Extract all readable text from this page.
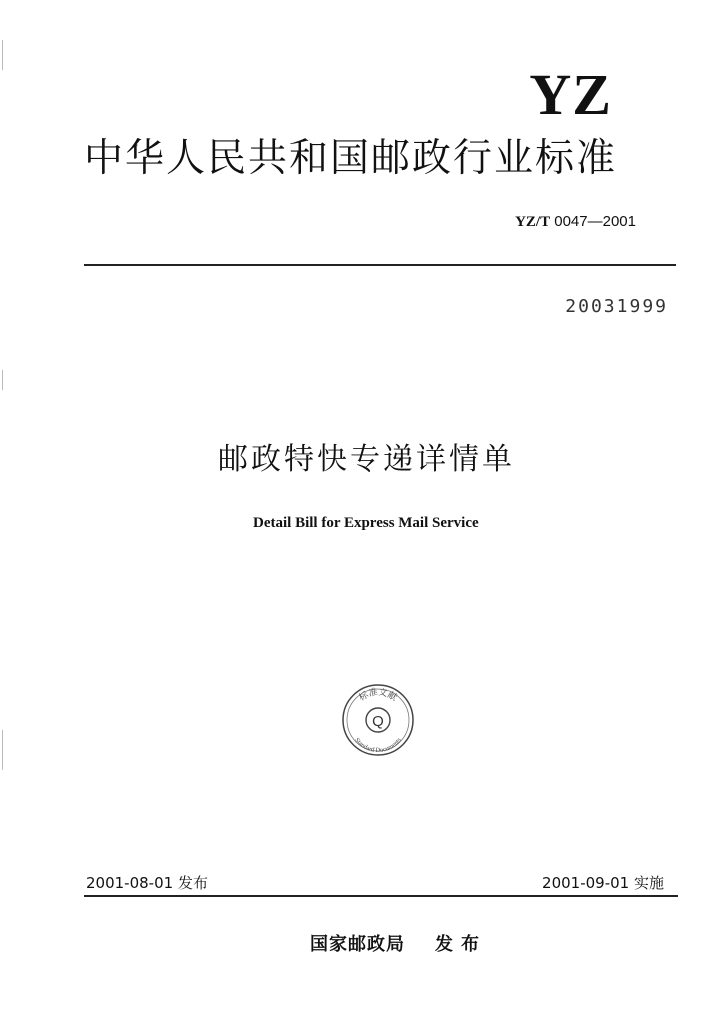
YZ
中华人民共和国邮政行业标准
YZ/T 0047—2001
20031999
邮政特快专递详情单
Detail Bill for Express Mail Service
标准文献
Standard Documents
Q
2001-08-01 发布	2001-09-01 实施
国家邮政局 发布
